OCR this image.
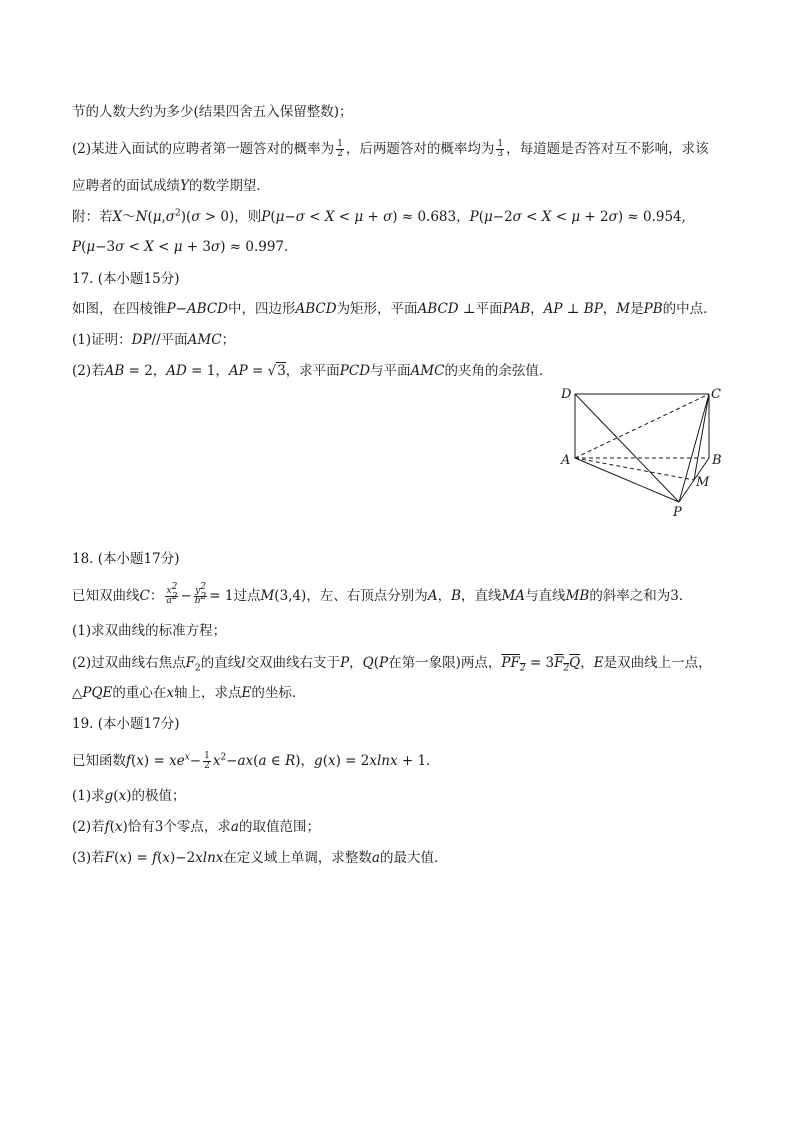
节的人数大约为多少(结果四舍五入保留整数)；
(2)某进入面试的应聘者第一题答对的概率为 $\frac{1}{2}$ ，后两题答对的概率均为 $\frac{1}{3}$ ，每道题是否答对互不影响，求该
应聘者的面试成绩Y的数学期望．
附：若$X\sim N(\mu,\sigma^2)(\sigma > 0)$，则P(μ−σ < X < μ + σ) ≈ 0.683，P(μ−2σ < X < μ + 2σ) ≈ 0.954,
P(μ−3σ < X < μ + 3σ) ≈ 0.997．
17. (本小题15分)
如图，在四棱锥P−ABCD中，四边形ABCD为矩形，平面ABCD ⊥平面PAB，AP ⊥ BP，M是PB的中点．
(1)证明：DP//平面AMC；
(2)若AB = 2，AD = 1，AP = √3，求平面PCD与平面AMC的夹角的余弦值．
D	C
A	B
M
P
18. (本小题17分)
已知双曲线C： $\frac{x^2}{a^2} - \frac{y^2}{b^2} = 1$过点M(3,4)，左、右顶点分别为A，B，直线MA与直线MB的斜率之和为3．
(1)求双曲线的标准方程；
(2)过双曲线右焦点$F_2$的直线l交双曲线右支于P，Q(P在第一象限)两点，$PF_2 = 3F_2Q$，E是双曲线上一点，
△PQE的重心在x轴上，求点E的坐标．
19. (本小题17分)
已知函数$f(x) = xe^x- \frac{1}{2} x^2-ax(a$ ∈ R)，g(x) = 2xlnx + 1．
(1)求g(x)的极值；
(2)若f(x)恰有3个零点，求a的取值范围；
(3)若F(x) = f(x)−2xlnx在定义域上单调，求整数a的最大值．
